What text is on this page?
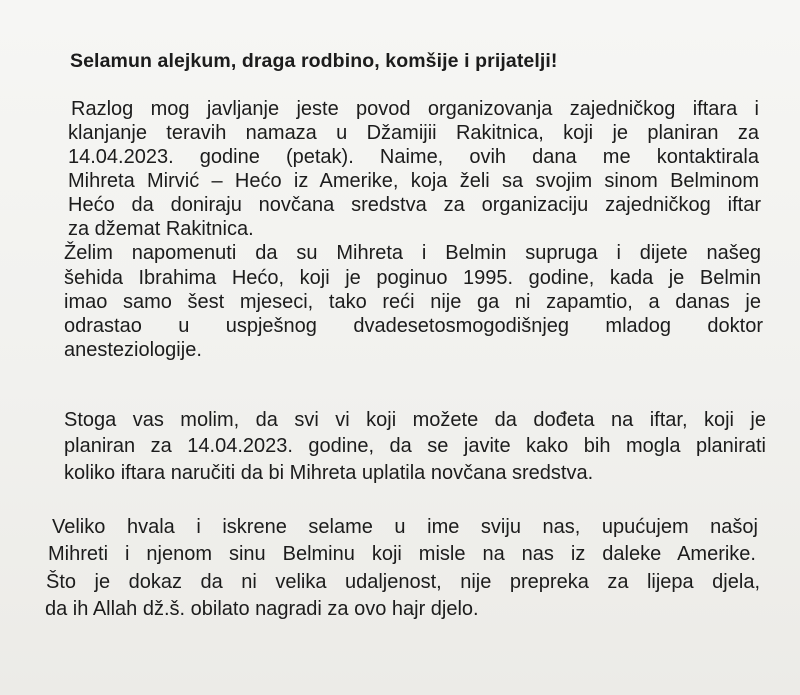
Selamun alejkum, draga rodbino, komšije i prijatelji!

Razlog mog javljanje jeste povod organizovanja zajedničkog iftara i

klanjanje teravih namaza u Džamijii Rakitnica, koji je planiran za

14.04.2023. godine (petak). Naime, ovih dana me kontaktirala

Mihreta Mirvić – Hećo iz Amerike, koja želi sa svojim sinom Belminom

Hećo da doniraju novčana sredstva za organizaciju zajedničkog iftar

za džemat Rakitnica.

Želim napomenuti da su Mihreta i Belmin supruga i dijete našeg

šehida Ibrahima Hećo, koji je poginuo 1995. godine, kada je Belmin

imao samo šest mjeseci, tako reći nije ga ni zapamtio, a danas je

odrastao u uspješnog dvadesetosmogodišnjeg mladog doktor

anesteziologije.

Stoga vas molim, da svi vi koji možete da dođeta na iftar, koji je

planiran za 14.04.2023. godine, da se javite kako bih mogla planirati

koliko iftara naručiti da bi Mihreta uplatila novčana sredstva.

Veliko hvala i iskrene selame u ime sviju nas, upućujem našoj

Mihreti i njenom sinu Belminu koji misle na nas iz daleke Amerike.

Što je dokaz da ni velika udaljenost, nije prepreka za lijepa djela,

da ih Allah dž.š. obilato nagradi za ovo hajr djelo.
